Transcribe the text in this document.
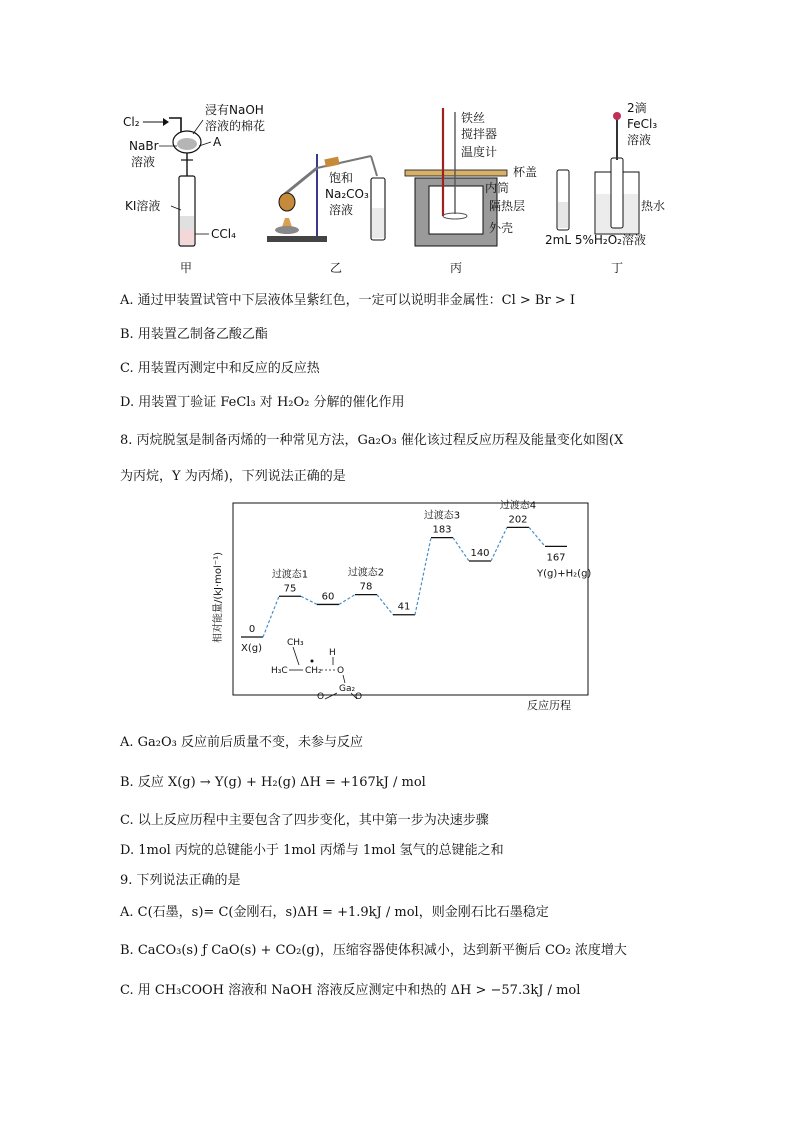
Cl₂
浸有NaOH
溶液的棉花
A
NaBr
溶液
KI溶液
CCl₄
甲
饱和
Na₂CO₃
溶液
乙
铁丝
搅拌器
温度计
杯盖
内筒
隔热层
外壳
丙
2滴
FeCl₃
溶液
热水
2mL 5%H₂O₂溶液
丁
A. 通过甲装置试管中下层液体呈紫红色，一定可以说明非金属性：Cl > Br > I
B. 用装置乙制备乙酸乙酯
C. 用装置丙测定中和反应的反应热
D. 用装置丁验证 FeCl₃ 对 H₂O₂ 分解的催化作用
8. 丙烷脱氢是制备丙烯的一种常见方法，Ga₂O₃ 催化该过程反应历程及能量变化如图(X
为丙烷，Y 为丙烯)，下列说法正确的是
相对能量/(kJ·mol⁻¹)
反应历程
0
X(g)
75
过渡态1
60
78
过渡态2
41
183
过渡态3
140
202
过渡态4
167
Y(g)+H₂(g)
CH₃
H₃C CH₂
H
O
Ga₂
O	O
A. Ga₂O₃ 反应前后质量不变，未参与反应
B. 反应 X(g) → Y(g) + H₂(g) ΔH = +167kJ / mol
C. 以上反应历程中主要包含了四步变化，其中第一步为决速步骤
D. 1mol 丙烷的总键能小于 1mol 丙烯与 1mol 氢气的总键能之和
9. 下列说法正确的是
A. C(石墨，s)= C(金刚石，s)ΔH = +1.9kJ / mol，则金刚石比石墨稳定
B. CaCO₃(s) ƒ CaO(s) + CO₂(g)，压缩容器使体积减小，达到新平衡后 CO₂ 浓度增大
C. 用 CH₃COOH 溶液和 NaOH 溶液反应测定中和热的 ΔH > −57.3kJ / mol
